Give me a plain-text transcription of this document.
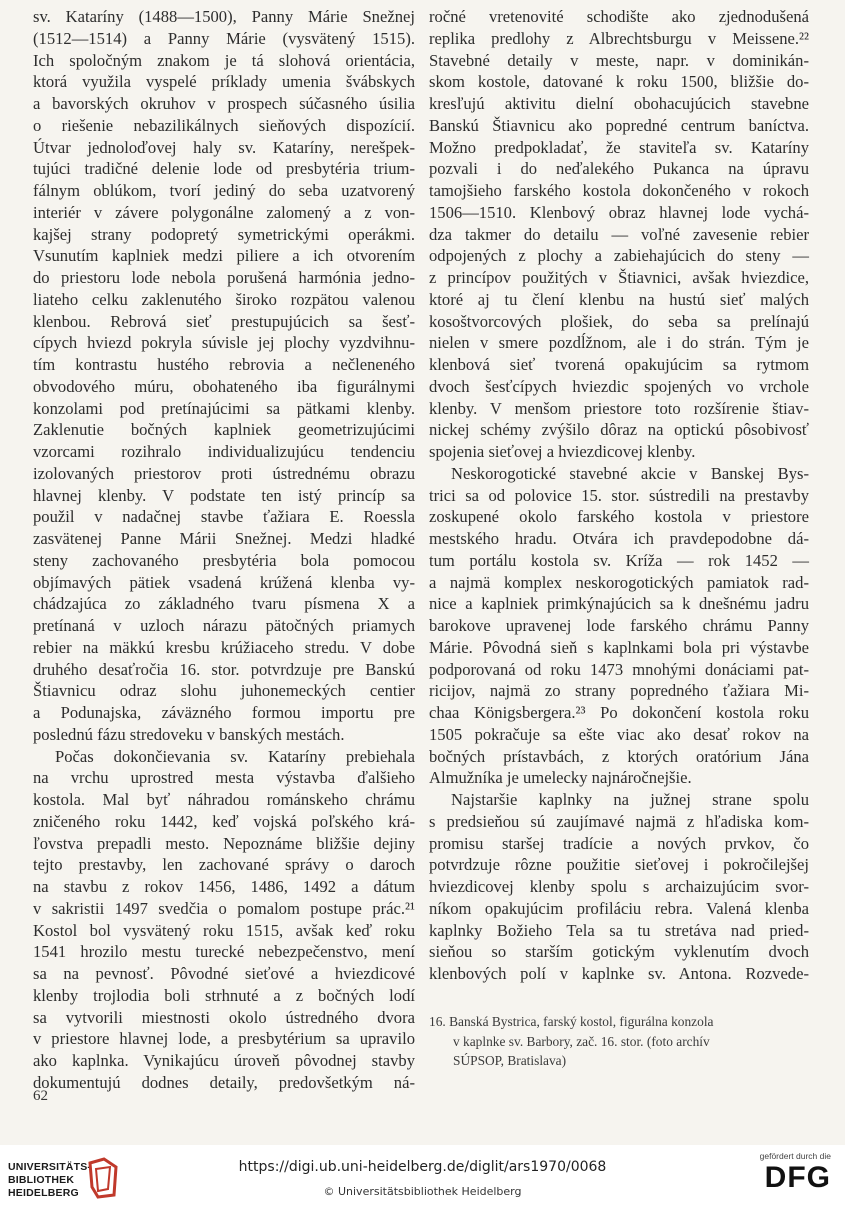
sv. Kataríny (1488—1500), Panny Márie Snežnej
(1512—1514) a Panny Márie (vysvätený 1515).
Ich spoločným znakom je tá slohová orientácia,
ktorá využila vyspelé príklady umenia švábskych
a bavorských okruhov v prospech súčasného úsilia
o riešenie nebazilikálnych sieňových dispozícií.
Útvar jednoloďovej haly sv. Kataríny, nerešpek-
tujúci tradičné delenie lode od presbytéria trium-
fálnym oblúkom, tvorí jediný do seba uzatvorený
interiér v závere polygonálne zalomený a z von-
kajšej strany podopretý symetrickými operákmi.
Vsunutím kaplniek medzi piliere a ich otvorením
do priestoru lode nebola porušená harmónia jedno-
liateho celku zaklenutého široko rozpätou valenou
klenbou. Rebrová sieť prestupujúcich sa šesť-
cípych hviezd pokryla súvisle jej plochy vyzdvihnu-
tím kontrastu hustého rebrovia a nečleneného
obvodového múru, obohateného iba figurálnymi
konzolami pod pretínajúcimi sa pätkami klenby.
Zaklenutie bočných kaplniek geometrizujúcimi
vzorcami rozihralo individualizujúcu tendenciu
izolovaných priestorov proti ústrednému obrazu
hlavnej klenby. V podstate ten istý princíp sa
použil v nadačnej stavbe ťažiara E. Roessla
zasvätenej Panne Márii Snežnej. Medzi hladké
steny zachovaného presbytéria bola pomocou
objímavých pätiek vsadená krúžená klenba vy-
chádzajúca zo základného tvaru písmena X a
pretínaná v uzloch nárazu pätočných priamych
rebier na mäkkú kresbu krúžiaceho stredu. V dobe
druhého desaťročia 16. stor. potvrdzuje pre Banskú
Štiavnicu odraz slohu juhonemeckých centier
a Podunajska, záväzného formou importu pre
poslednú fázu stredoveku v banských mestách.
Počas dokončievania sv. Kataríny prebiehala
na vrchu uprostred mesta výstavba ďalšieho
kostola. Mal byť náhradou románskeho chrámu
zničeného roku 1442, keď vojská poľského krá-
ľovstva prepadli mesto. Nepoznáme bližšie dejiny
tejto prestavby, len zachované správy o daroch
na stavbu z rokov 1456, 1486, 1492 a dátum
v sakristii 1497 svedčia o pomalom postupe prác.²¹
Kostol bol vysvätený roku 1515, avšak keď roku
1541 hrozilo mestu turecké nebezpečenstvo, mení
sa na pevnosť. Pôvodné sieťové a hviezdicové
klenby trojlodia boli strhnuté a z bočných lodí
sa vytvorili miestnosti okolo ústredného dvora
v priestore hlavnej lode, a presbytérium sa upravilo
ako kaplnka. Vynikajúcu úroveň pôvodnej stavby
dokumentujú dodnes detaily, predovšetkým ná-
ročné vretenovité schodište ako zjednodušená
replika predlohy z Albrechtsburgu v Meissene.²²
Stavebné detaily v meste, napr. v dominikán-
skom kostole, datované k roku 1500, bližšie do-
kresľujú aktivitu dielní obohacujúcich stavebne
Banskú Štiavnicu ako popredné centrum baníctva.
Možno predpokladať, že staviteľa sv. Kataríny
pozvali i do neďalekého Pukanca na úpravu
tamojšieho farského kostola dokončeného v rokoch
1506—1510. Klenbový obraz hlavnej lode vychá-
dza takmer do detailu — voľné zavesenie rebier
odpojených z plochy a zabiehajúcich do steny —
z princípov použitých v Štiavnici, avšak hviezdice,
ktoré aj tu člení klenbu na hustú sieť malých
kosoštvorcových plošiek, do seba sa prelínajú
nielen v smere pozdĺžnom, ale i do strán. Tým je
klenbová sieť tvorená opakujúcim sa rytmom
dvoch šesťcípych hviezdic spojených vo vrchole
klenby. V menšom priestore toto rozšírenie štiav-
nickej schémy zvýšilo dôraz na optickú pôsobivosť
spojenia sieťovej a hviezdicovej klenby.
Neskorogotické stavebné akcie v Banskej Bys-
trici sa od polovice 15. stor. sústredili na prestavby
zoskupené okolo farského kostola v priestore
mestského hradu. Otvára ich pravdepodobne dá-
tum portálu kostola sv. Kríža — rok 1452 —
a najmä komplex neskorogotických pamiatok rad-
nice a kaplniek primkýnajúcich sa k dnešnému jadru
barokove upravenej lode farského chrámu Panny
Márie. Pôvodná sieň s kaplnkami bola pri výstavbe
podporovaná od roku 1473 mnohými donáciami pat-
ricijov, najmä zo strany popredného ťažiara Mi-
chaa Königsbergera.²³ Po dokončení kostola roku
1505 pokračuje sa ešte viac ako desať rokov na
bočných prístavbách, z ktorých oratórium Jána
Almužníka je umelecky najnáročnejšie.
Najstaršie kaplnky na južnej strane spolu
s predsieňou sú zaujímavé najmä z hľadiska kom-
promisu staršej tradície a nových prvkov, čo
potvrdzuje rôzne použitie sieťovej i pokročilejšej
hviezdicovej klenby spolu s archaizujúcim svor-
níkom opakujúcim profiláciu rebra. Valená klenba
kaplnky Božieho Tela sa tu stretáva nad pried-
sieňou so starším gotickým vyklenutím dvoch
klenbových polí v kaplnke sv. Antona. Rozvede-
16. Banská Bystrica, farský kostol, figurálna konzola
v kaplnke sv. Barbory, zač. 16. stor. (foto archív
SÚPSOP, Bratislava)
62
UNIVERSITÄTS-
BIBLIOTHEK
HEIDELBERG
https://digi.ub.uni-heidelberg.de/diglit/ars1970/0068
© Universitätsbibliothek Heidelberg
gefördert durch die
DFG
